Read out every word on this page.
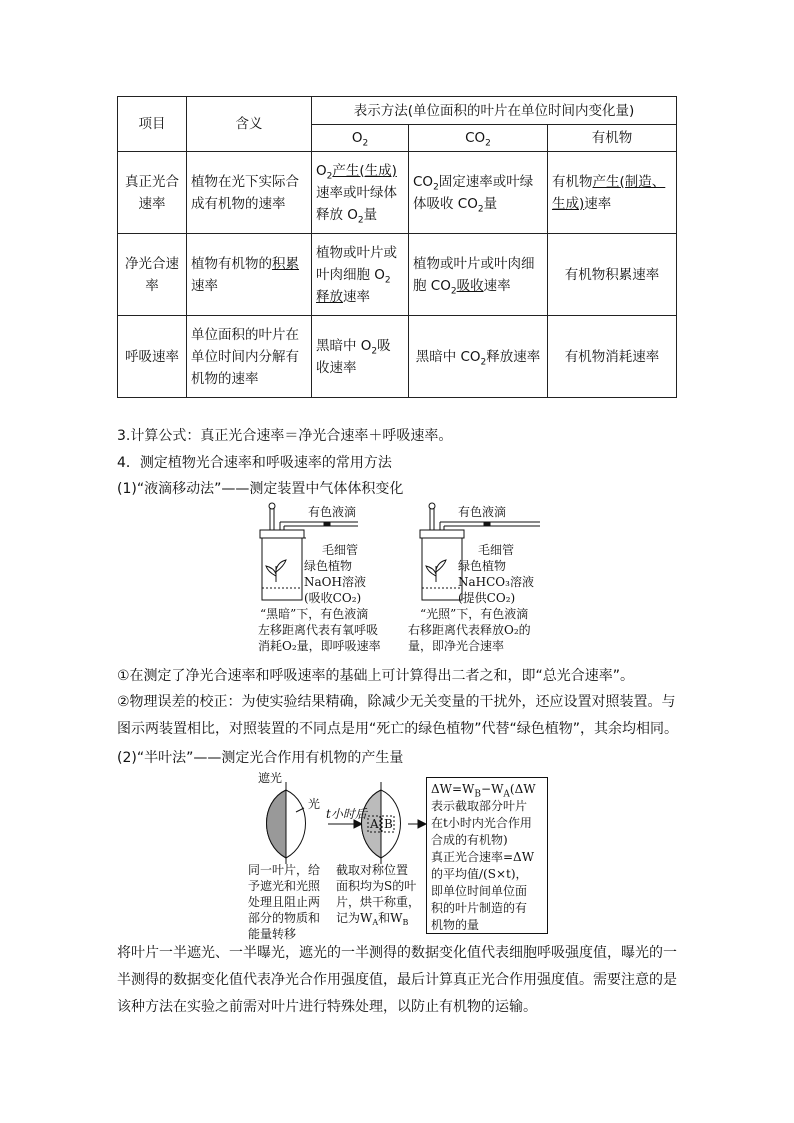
项目	含义	表示方法(单位面积的叶片在单位时间内变化量)		
		$O_2$	$CO_2$	有机物
真正光合速率	植物在光下实际合成有机物的速率	$O_2$产生(生成)速率或叶绿体释放 $O_2$量	$CO_2$固定速率或叶绿体吸收 $CO_2$量	有机物产生(制造、生成)速率
净光合速率	植物有机物的积累速率	植物或叶片或叶肉细胞 $O_2$ 释放速率	植物或叶片或叶肉细胞 $CO_2$吸收速率	有机物积累速率
呼吸速率	单位面积的叶片在单位时间内分解有机物的速率	黑暗中 $O_2$吸收速率	黑暗中 $CO_2$释放速率	有机物消耗速率
3.计算公式：真正光合速率＝净光合速率＋呼吸速率。
4．测定植物光合速率和呼吸速率的常用方法
(1)“液滴移动法”——测定装置中气体体积变化
有色液滴
毛细管
绿色植物
NaOH溶液
(吸收CO₂)
“黑暗”下，有色液滴
左移距离代表有氧呼吸
消耗O₂量，即呼吸速率
有色液滴
毛细管
绿色植物
NaHCO₃溶液
(提供CO₂)
“光照”下，有色液滴
右移距离代表释放O₂的
量，即净光合速率
①在测定了净光合速率和呼吸速率的基础上可计算得出二者之和，即“总光合速率”。
②物理误差的校正：为使实验结果精确，除减少无关变量的干扰外，还应设置对照装置。与图示两装置相比，对照装置的不同点是用“死亡的绿色植物”代替“绿色植物”，其余均相同。
(2)“半叶法”——测定光合作用有机物的产生量
遮光
光
t小时后
A B
同一叶片，给
予遮光和光照
处理且阻止两
部分的物质和
能量转移
截取对称位置
面积均为S的叶
片，烘干称重，
记为$W_A$和$W_B$
$\Delta W=W_B-W_A(\Delta W$
表示截取部分叶片
在t小时内光合作用
合成的有机物)
真正光合速率=ΔW
的平均值/(S×t)，
即单位时间单位面
积的叶片制造的有
机物的量
将叶片一半遮光、一半曝光，遮光的一半测得的数据变化值代表细胞呼吸强度值，曝光的一半测得的数据变化值代表净光合作用强度值，最后计算真正光合作用强度值。需要注意的是该种方法在实验之前需对叶片进行特殊处理，以防止有机物的运输。
